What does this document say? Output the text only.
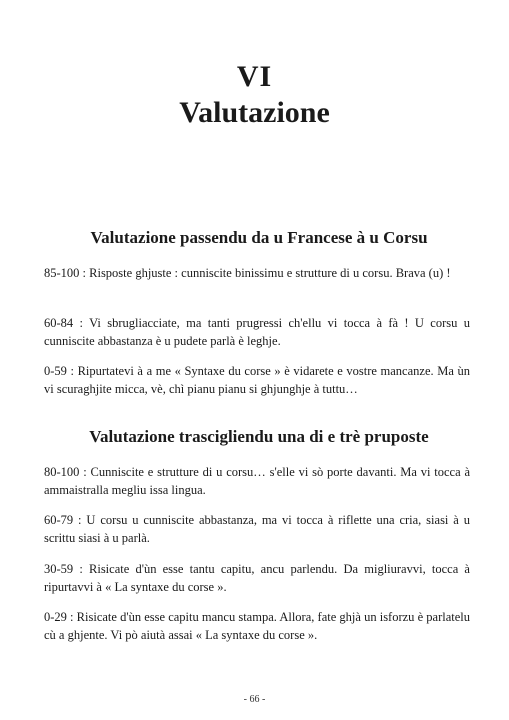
VI
Valutazione
Valutazione passendu da u Francese à u Corsu

85-100 : Risposte ghjuste : cunniscite binissimu e strutture di u corsu. Brava (u) !

60-84 : Vi sbrugliacciate, ma tanti prugressi ch'ellu vi tocca à fà ! U corsu u cunniscite abbastanza è u pudete parlà è leghje.

0-59 : Ripurtatevi à a me « Syntaxe du corse » è vidarete e vostre mancanze. Ma ùn vi scuraghjite micca, vè, chì pianu pianu si ghjunghje à tuttu…

Valutazione trascigliendu una di e trè pruposte

80-100 : Cunniscite e strutture di u corsu… s'elle vi sò porte davanti. Ma vi tocca à ammaistralla megliu issa lingua.

60-79 : U corsu u cunniscite abbastanza, ma vi tocca à riflette una cria, siasi à u scrittu siasi à u parlà.

30-59 : Risicate d'ùn esse tantu capitu, ancu parlendu. Da migliuravvi, tocca à ripurtavvi à « La syntaxe du corse ».

0-29 : Risicate d'ùn esse capitu mancu stampa. Allora, fate ghjà un isforzu è parlatelu cù a ghjente. Vi pò aiutà assai « La syntaxe du corse ».

- 66 -
